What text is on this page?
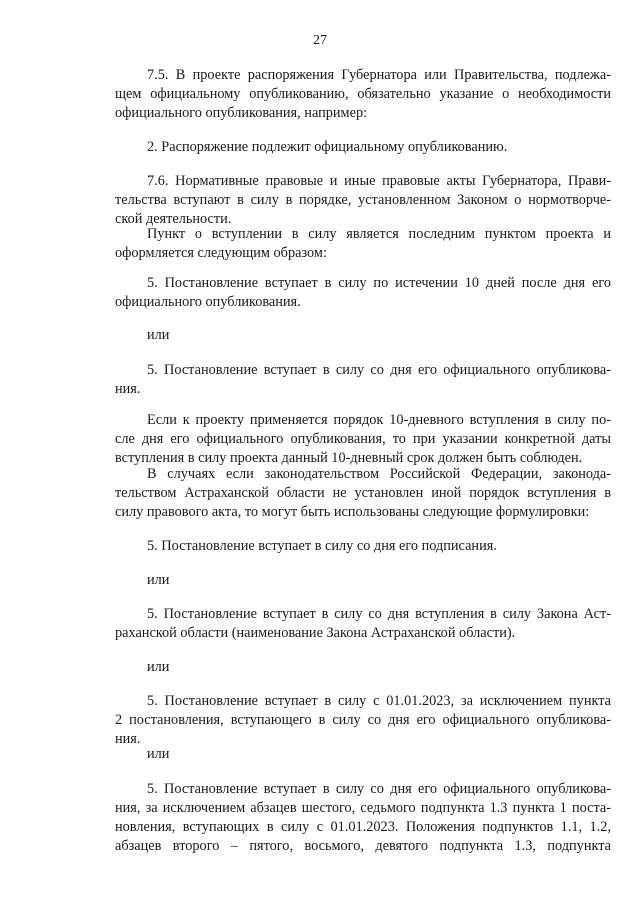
27
7.5. В проекте распоряжения Губернатора или Правительства, подлежа-
щем официальному опубликованию, обязательно указание о необходимости
официального опубликования, например:
2. Распоряжение подлежит официальному опубликованию.
7.6. Нормативные правовые и иные правовые акты Губернатора, Прави-
тельства вступают в силу в порядке, установленном Законом о нормотворче-
ской деятельности.
Пункт о вступлении в силу является последним пунктом проекта и
оформляется следующим образом:
5. Постановление вступает в силу по истечении 10 дней после дня его
официального опубликования.
или
5. Постановление вступает в силу со дня его официального опубликова-
ния.
Если к проекту применяется порядок 10-дневного вступления в силу по-
сле дня его официального опубликования, то при указании конкретной даты
вступления в силу проекта данный 10-дневный срок должен быть соблюден.
В случаях если законодательством Российской Федерации, законода-
тельством Астраханской области не установлен иной порядок вступления в
силу правового акта, то могут быть использованы следующие формулировки:
5. Постановление вступает в силу со дня его подписания.
или
5. Постановление вступает в силу со дня вступления в силу Закона Аст-
раханской области (наименование Закона Астраханской области).
или
5. Постановление вступает в силу с 01.01.2023, за исключением пункта
2 постановления, вступающего в силу со дня его официального опубликова-
ния.
или
5. Постановление вступает в силу со дня его официального опубликова-
ния, за исключением абзацев шестого, седьмого подпункта 1.3 пункта 1 поста-
новления, вступающих в силу с 01.01.2023. Положения подпунктов 1.1, 1.2,
абзацев второго – пятого, восьмого, девятого подпункта 1.3, подпункта
